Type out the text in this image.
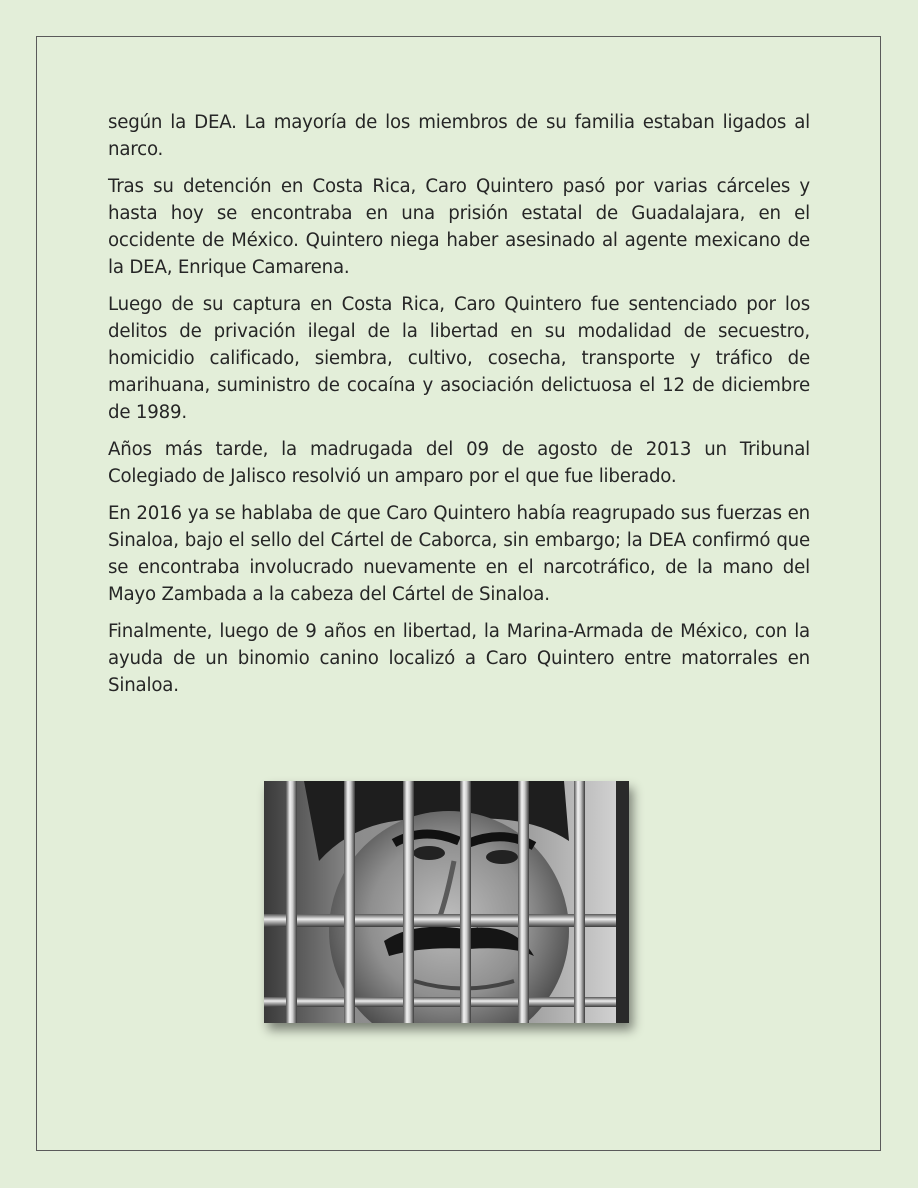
según la DEA. La mayoría de los miembros de su familia estaban ligados al narco.

Tras su detención en Costa Rica, Caro Quintero pasó por varias cárceles y hasta hoy se encontraba en una prisión estatal de Guadalajara, en el occidente de México. Quintero niega haber asesinado al agente mexicano de la DEA, Enrique Camarena.

Luego de su captura en Costa Rica, Caro Quintero fue sentenciado por los delitos de privación ilegal de la libertad en su modalidad de secuestro, homicidio calificado, siembra, cultivo, cosecha, transporte y tráfico de marihuana, suministro de cocaína y asociación delictuosa el 12 de diciembre de 1989.

Años más tarde, la madrugada del 09 de agosto de 2013 un Tribunal Colegiado de Jalisco resolvió un amparo por el que fue liberado.

En 2016 ya se hablaba de que Caro Quintero había reagrupado sus fuerzas en Sinaloa, bajo el sello del Cártel de Caborca, sin embargo; la DEA confirmó que se encontraba involucrado nuevamente en el narcotráfico, de la mano del Mayo Zambada a la cabeza del Cártel de Sinaloa.

Finalmente, luego de 9 años en libertad, la Marina-Armada de México, con la ayuda de un binomio canino localizó a Caro Quintero entre matorrales en Sinaloa.
